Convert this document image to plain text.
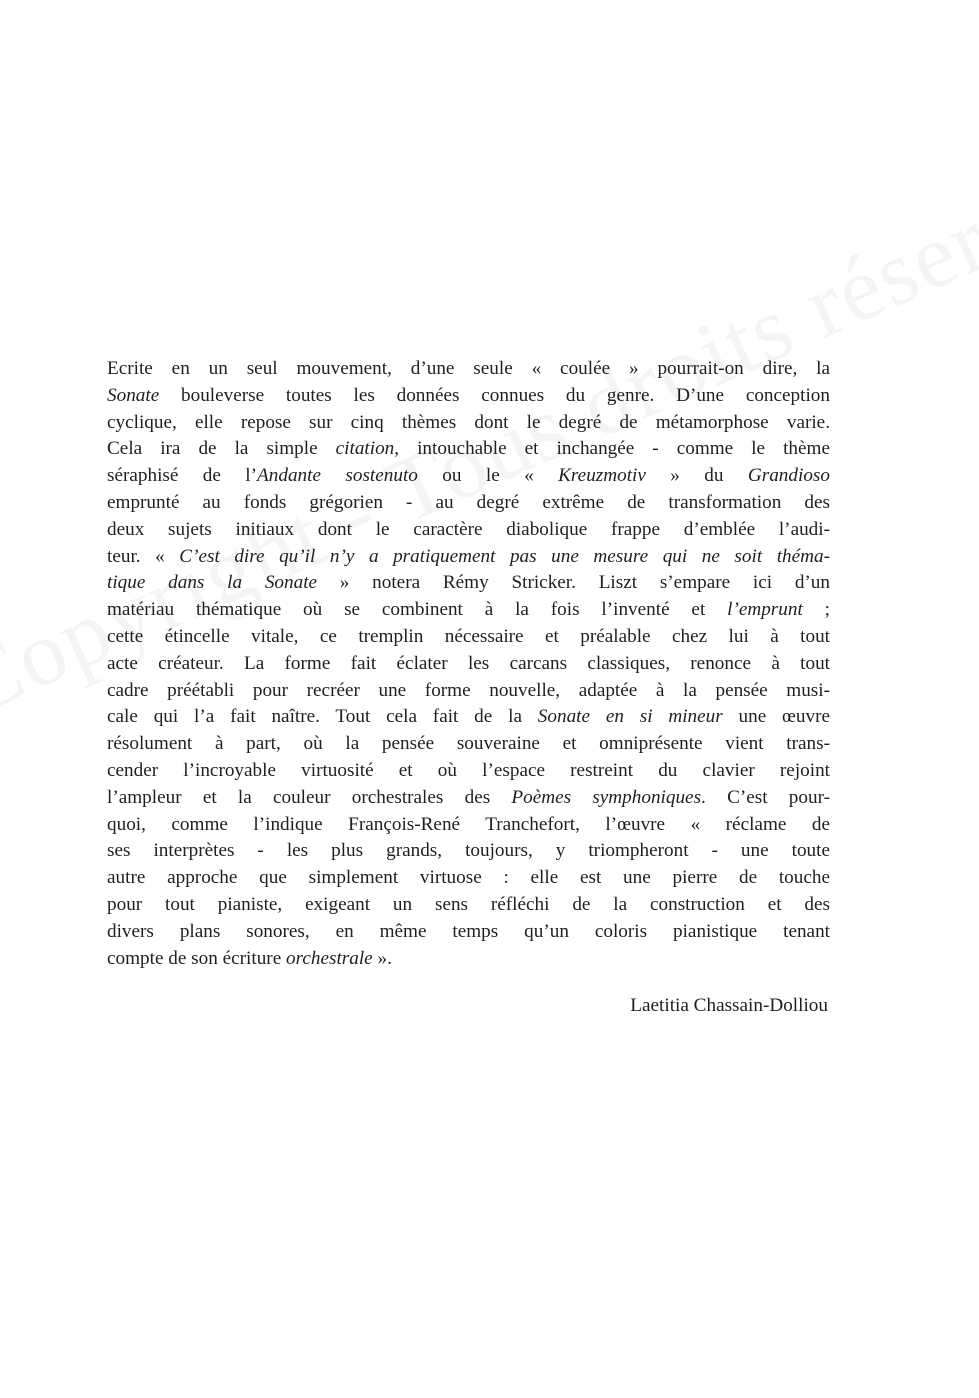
Ecrite en un seul mouvement, d’une seule « coulée » pourrait-on dire, la
Sonate bouleverse toutes les données connues du genre. D’une conception
cyclique, elle repose sur cinq thèmes dont le degré de métamorphose varie.
Cela ira de la simple citation, intouchable et inchangée - comme le thème
séraphisé de l’Andante sostenuto ou le « Kreuzmotiv » du Grandioso
emprunté au fonds grégorien - au degré extrême de transformation des
deux sujets initiaux dont le caractère diabolique frappe d’emblée l’audi-
teur. « C’est dire qu’il n’y a pratiquement pas une mesure qui ne soit théma-
tique dans la Sonate » notera Rémy Stricker. Liszt s’empare ici d’un
matériau thématique où se combinent à la fois l’inventé et l’emprunt ;
cette étincelle vitale, ce tremplin nécessaire et préalable chez lui à tout
acte créateur. La forme fait éclater les carcans classiques, renonce à tout
cadre préétabli pour recréer une forme nouvelle, adaptée à la pensée musi-
cale qui l’a fait naître. Tout cela fait de la Sonate en si mineur une œuvre
résolument à part, où la pensée souveraine et omniprésente vient trans-
cender l’incroyable virtuosité et où l’espace restreint du clavier rejoint
l’ampleur et la couleur orchestrales des Poèmes symphoniques. C’est pour-
quoi, comme l’indique François-René Tranchefort, l’œuvre « réclame de
ses interprètes - les plus grands, toujours, y triompheront - une toute
autre approche que simplement virtuose : elle est une pierre de touche
pour tout pianiste, exigeant un sens réfléchi de la construction et des
divers plans sonores, en même temps qu’un coloris pianistique tenant
compte de son écriture orchestrale ».
Laetitia Chassain-Dolliou
